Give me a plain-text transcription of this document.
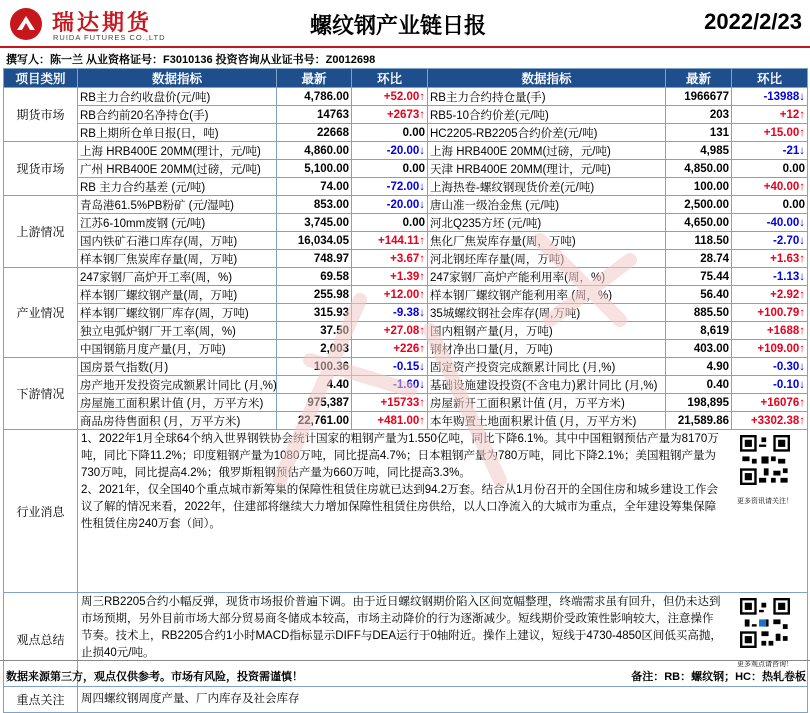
瑞达期货
RUIDA FUTURES CO.,LTD	螺纹钢产业链日报	2022/2/23
撰写人：陈一兰 从业资格证号：F3010136 投资咨询从业证书号：Z0012698
项目类别	数据指标	最新	环比	数据指标	最新	环比
期货市场	RB主力合约收盘价(元/吨)	4,786.00	+52.00↑	RB主力合约持仓量(手)	1966677	-13988↓
	RB合约前20名净持仓(手)	14763	+2673↑	RB5-10合约价差(元/吨)	203	+12↑
	RB上期所仓单日报(日，吨)	22668	0.00	HC2205-RB2205合约价差(元/吨)	131	+15.00↑
现货市场	上海 HRB400E 20MM(理计，元/吨)	4,860.00	-20.00↓	上海 HRB400E 20MM(过磅，元/吨)	4,985	-21↓
	广州 HRB400E 20MM(过磅，元/吨)	5,100.00	0.00	天津 HRB400E 20MM(理计，元/吨)	4,850.00	0.00
	RB 主力合约基差 (元/吨)	74.00	-72.00↓	上海热卷-螺纹钢现货价差(元/吨)	100.00	+40.00↑
上游情况	青岛港61.5%PB粉矿 (元/湿吨)	853.00	-20.00↓	唐山准一级冶金焦 (元/吨)	2,500.00	0.00
	江苏6-10mm废钢 (元/吨)	3,745.00	0.00	河北Q235方坯 (元/吨)	4,650.00	-40.00↓
	国内铁矿石港口库存(周，万吨)	16,034.05	+144.11↑	焦化厂焦炭库存量(周，万吨)	118.50	-2.70↓
	样本钢厂焦炭库存量(周，万吨)	748.97	+3.67↑	河北钢坯库存量(周，万吨)	28.74	+1.63↑
产业情况	247家钢厂高炉开工率(周，%)	69.58	+1.39↑	247家钢厂高炉产能利用率(周，%)	75.44	-1.13↓
	样本钢厂螺纹钢产量(周，万吨)	255.98	+12.00↑	样本钢厂螺纹钢产能利用率 (周，%)	56.40	+2.92↑
	样本钢厂螺纹钢厂库存(周，万吨)	315.93	-9.38↓	35城螺纹钢社会库存(周,万吨)	885.50	+100.79↑
	独立电弧炉钢厂开工率(周，%)	37.50	+27.08↑	国内粗钢产量(月，万吨)	8,619	+1688↑
	中国钢筋月度产量(月，万吨)	2,003	+226↑	钢材净出口量(月，万吨)	403.00	+109.00↑
下游情况	国房景气指数(月)	100.36	-0.15↓	固定资产投资完成额累计同比 (月,%)	4.90	-0.30↓
	房产地开发投资完成额累计同比 (月,%)	4.40	-1.60↓	基础设施建设投资(不含电力)累计同比 (月,%)	0.40	-0.10↓
	房屋施工面积累计值 (月，万平方米)	975,387	+15733↑	房屋新开工面积累计值 (月，万平方米)	198,895	+16076↑
	商品房待售面积 (月，万平方米)	22,761.00	+481.00↑	本年购置土地面积累计值 (月，万平方米)	21,589.86	+3302.38↑
行业消息	1、2022年1月全球64个纳入世界钢铁协会统计国家的粗钢产量为1.550亿吨，同比下降6.1%。其中中国粗钢预估产量为8170万吨，同比下降11.2%；印度粗钢产量为1080万吨，同比提高4.7%；日本粗钢产量为780万吨，同比下降2.1%；美国粗钢产量为730万吨，同比提高4.2%；俄罗斯粗钢预估产量为660万吨，同比提高3.3%。
2、2021年，仅全国40个重点城市新筹集的保障性租赁住房就已达到94.2万套。结合从1月份召开的全国住房和城乡建设工作会议了解的情况来看，2022年，住建部将继续大力增加保障性租赁住房供给，以人口净流入的大城市为重点，全年建设筹集保障性租赁住房240万套（间）。
更多资讯请关注！					

观点总结	周三RB2205合约小幅反弹，现货市场报价普遍下调。由于近日螺纹钢期价陷入区间宽幅整理，终端需求虽有回升，但仍未达到市场预期，另外目前市场大部分贸易商冬储成本较高，市场主动降价的行为逐渐减少。短线期价受政策性影响较大，注意操作节奏。技术上，RB2205合约1小时MACD指标显示DIFF与DEA运行于0轴附近。操作上建议，短线于4730-4850区间低买高抛，止损40元/吨。
更多观点请咨询！					

重点关注	周四螺纹钢周度产量、厂内库存及社会库存					
数据来源第三方，观点仅供参考。市场有风险，投资需谨慎！	备注：RB：螺纹钢；HC：热轧卷板
